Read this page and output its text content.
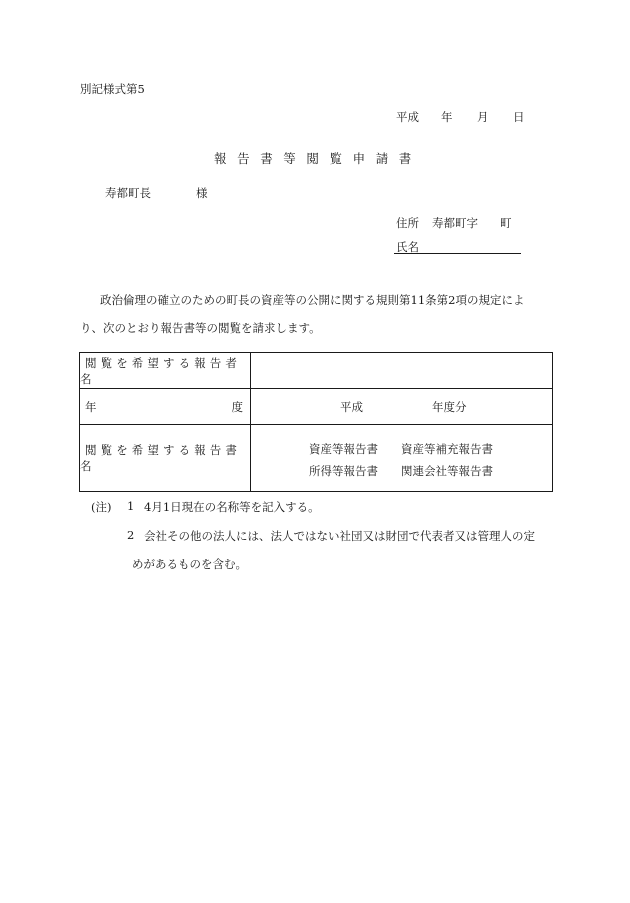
別記様式第5
平成 年 月 日
報告書等閲覧申請書
寿都町長	様
住所 寿都町字 町
氏名
政治倫理の確立のための町長の資産等の公開に関する規則第11条第2項の規定によ
り、次のとおり報告書等の閲覧を請求します。
閲覧を希望する報告者名	

年 度	平成 年度分

閲覧を希望する報告書名	資産等報告書 資産等補充報告書
所得等報告書 関連会社等報告書
(注) 1 4月1日現在の名称等を記入する。
2 会社その他の法人には、法人ではない社団又は財団で代表者又は管理人の定
めがあるものを含む。
